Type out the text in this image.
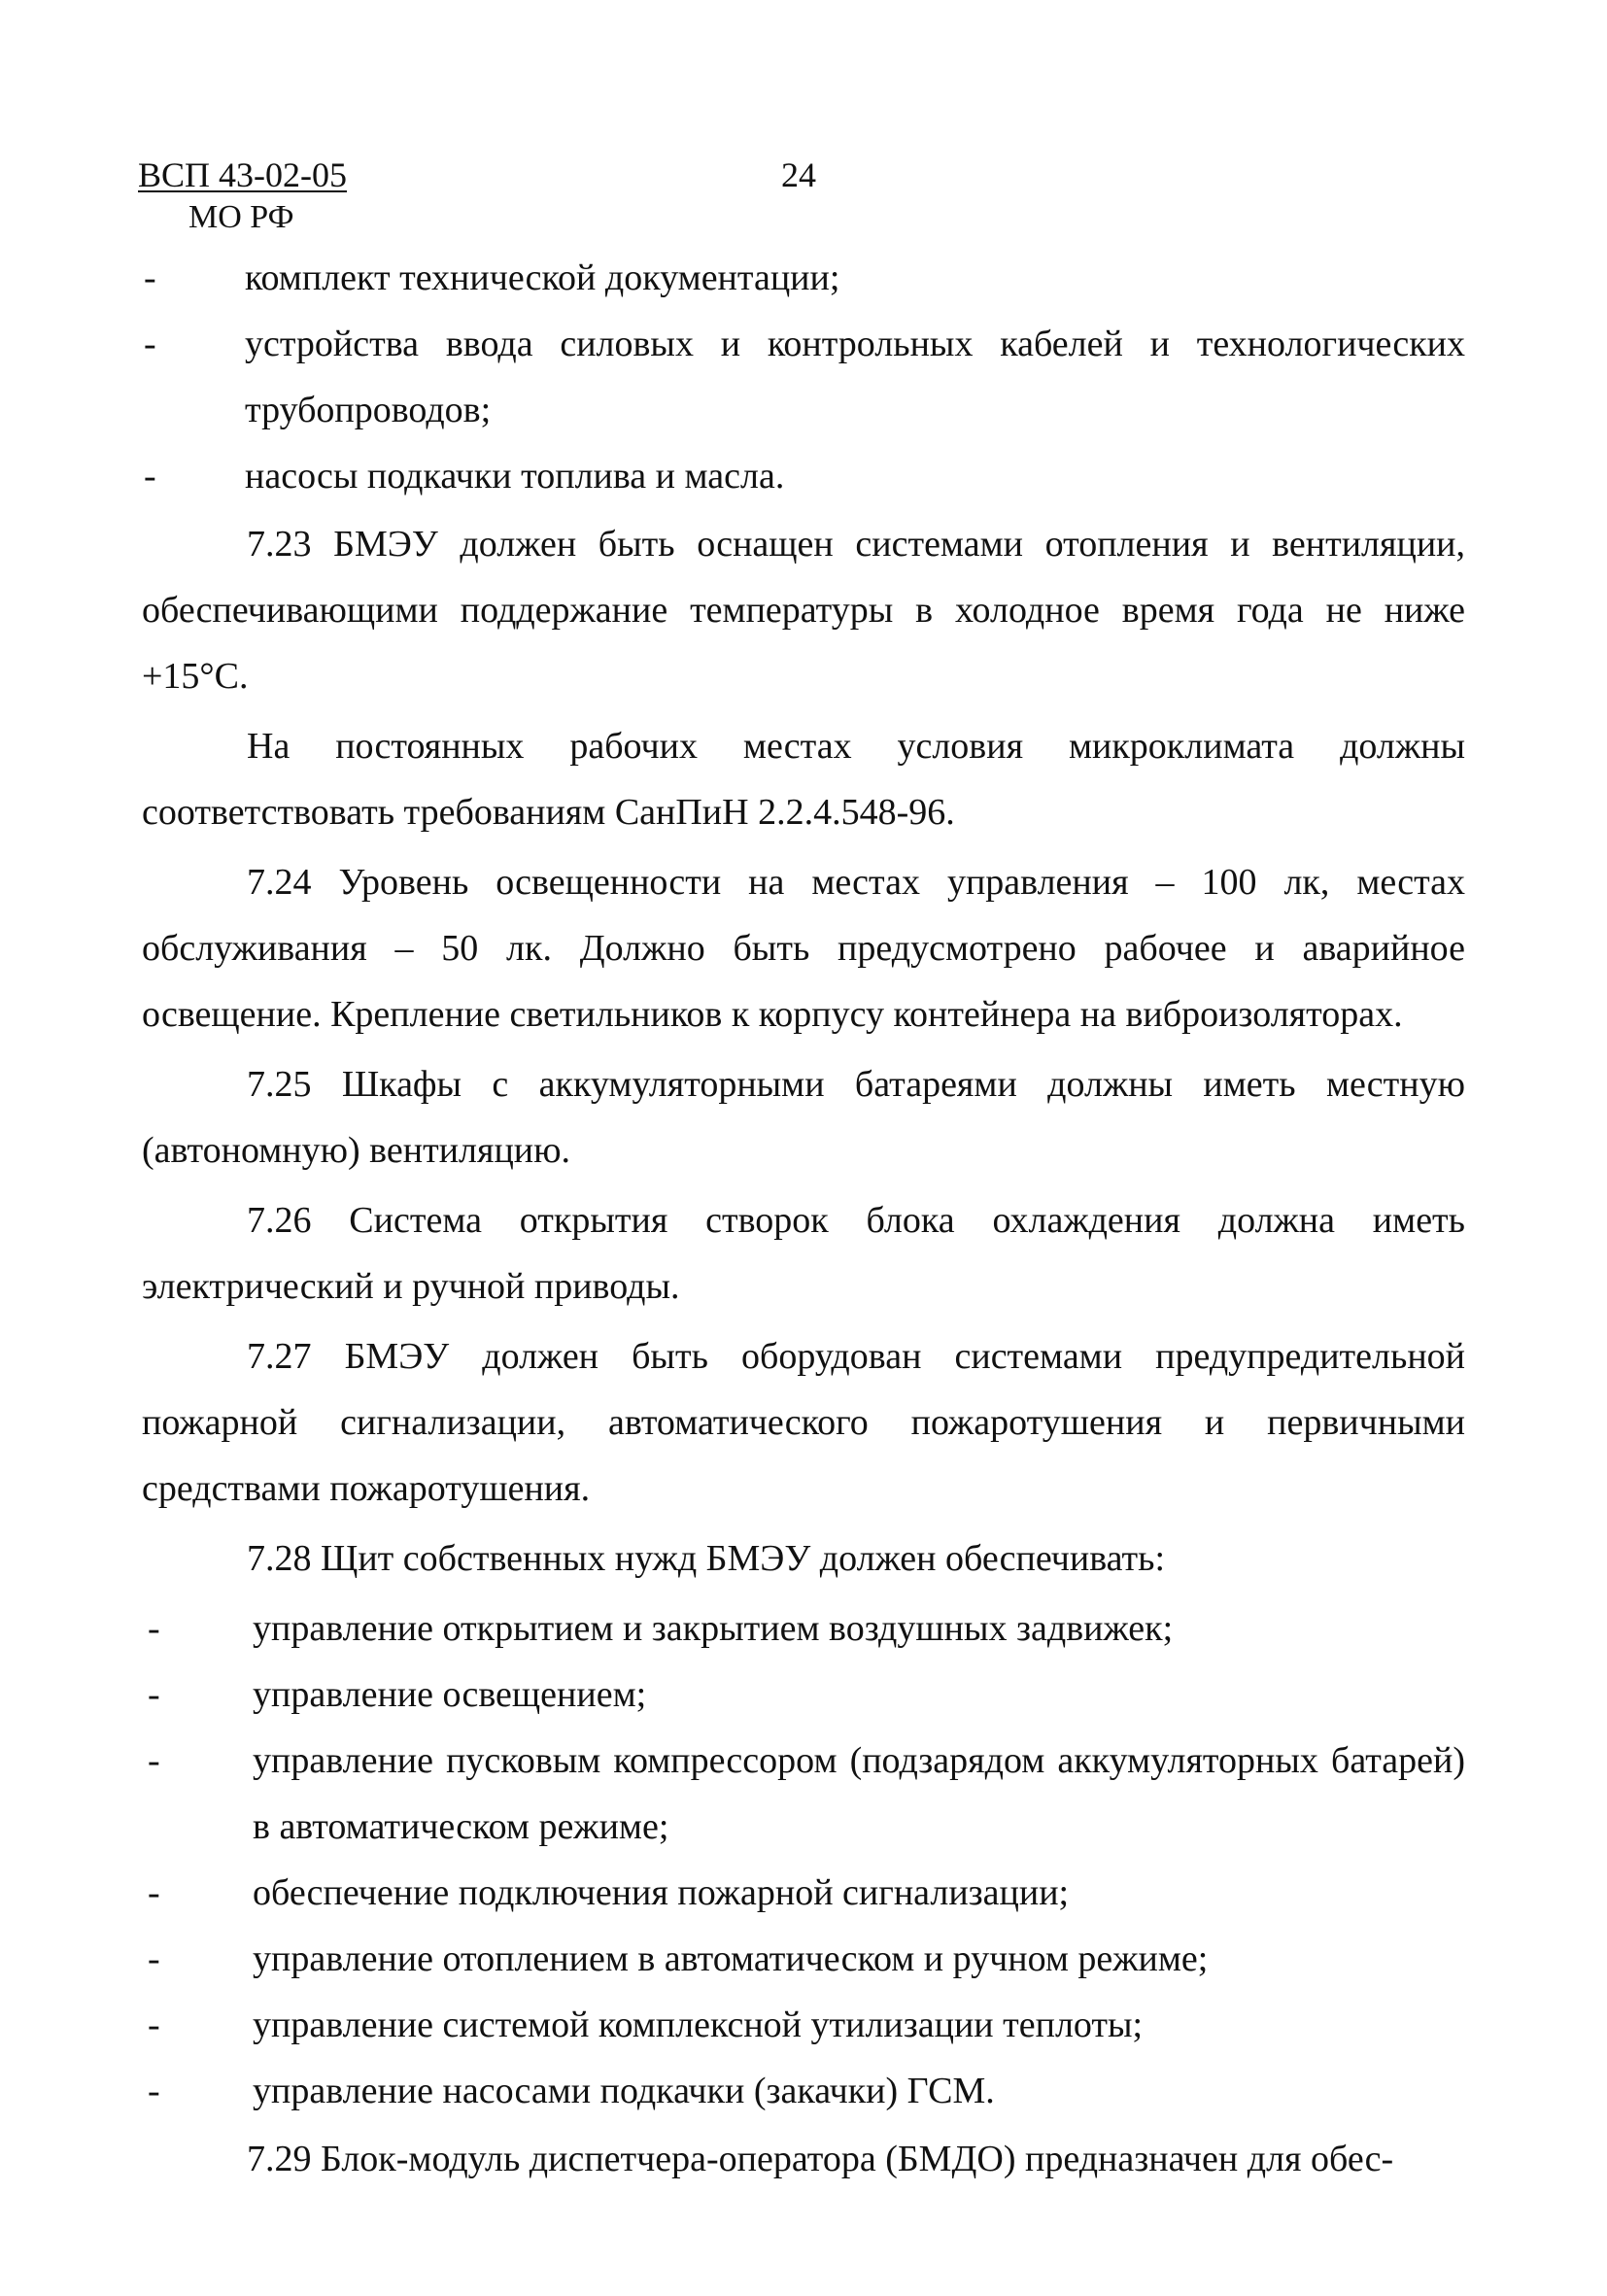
ВСП 43-02-05
МО РФ
24
-	комплект технической документации;
-	устройства ввода силовых и контрольных кабелей и технологических трубопроводов;
-	насосы подкачки топлива и масла.

7.23 БМЭУ должен быть оснащен системами отопления и вентиляции, обеспечивающими поддержание температуры в холодное время года не ниже +15°С.

На постоянных рабочих местах условия микроклимата должны соответствовать требованиям СанПиН 2.2.4.548-96.

7.24 Уровень освещенности на местах управления – 100 лк, местах обслуживания – 50 лк. Должно быть предусмотрено рабочее и аварийное освещение. Крепление светильников к корпусу контейнера на виброизоляторах.

7.25 Шкафы с аккумуляторными батареями должны иметь местную (автономную) вентиляцию.

7.26 Система открытия створок блока охлаждения должна иметь электрический и ручной приводы.

7.27 БМЭУ должен быть оборудован системами предупредительной пожарной сигнализации, автоматического пожаротушения и первичными средствами пожаротушения.

7.28 Щит собственных нужд БМЭУ должен обеспечивать:

-	управление открытием и закрытием воздушных задвижек;
-	управление освещением;
-	управление пусковым компрессором (подзарядом аккумуляторных батарей) в автоматическом режиме;
-	обеспечение подключения пожарной сигнализации;
-	управление отоплением в автоматическом и ручном режиме;
-	управление системой комплексной утилизации теплоты;
-	управление насосами подкачки (закачки) ГСМ.

7.29 Блок-модуль диспетчера-оператора (БМДО) предназначен для обес-
